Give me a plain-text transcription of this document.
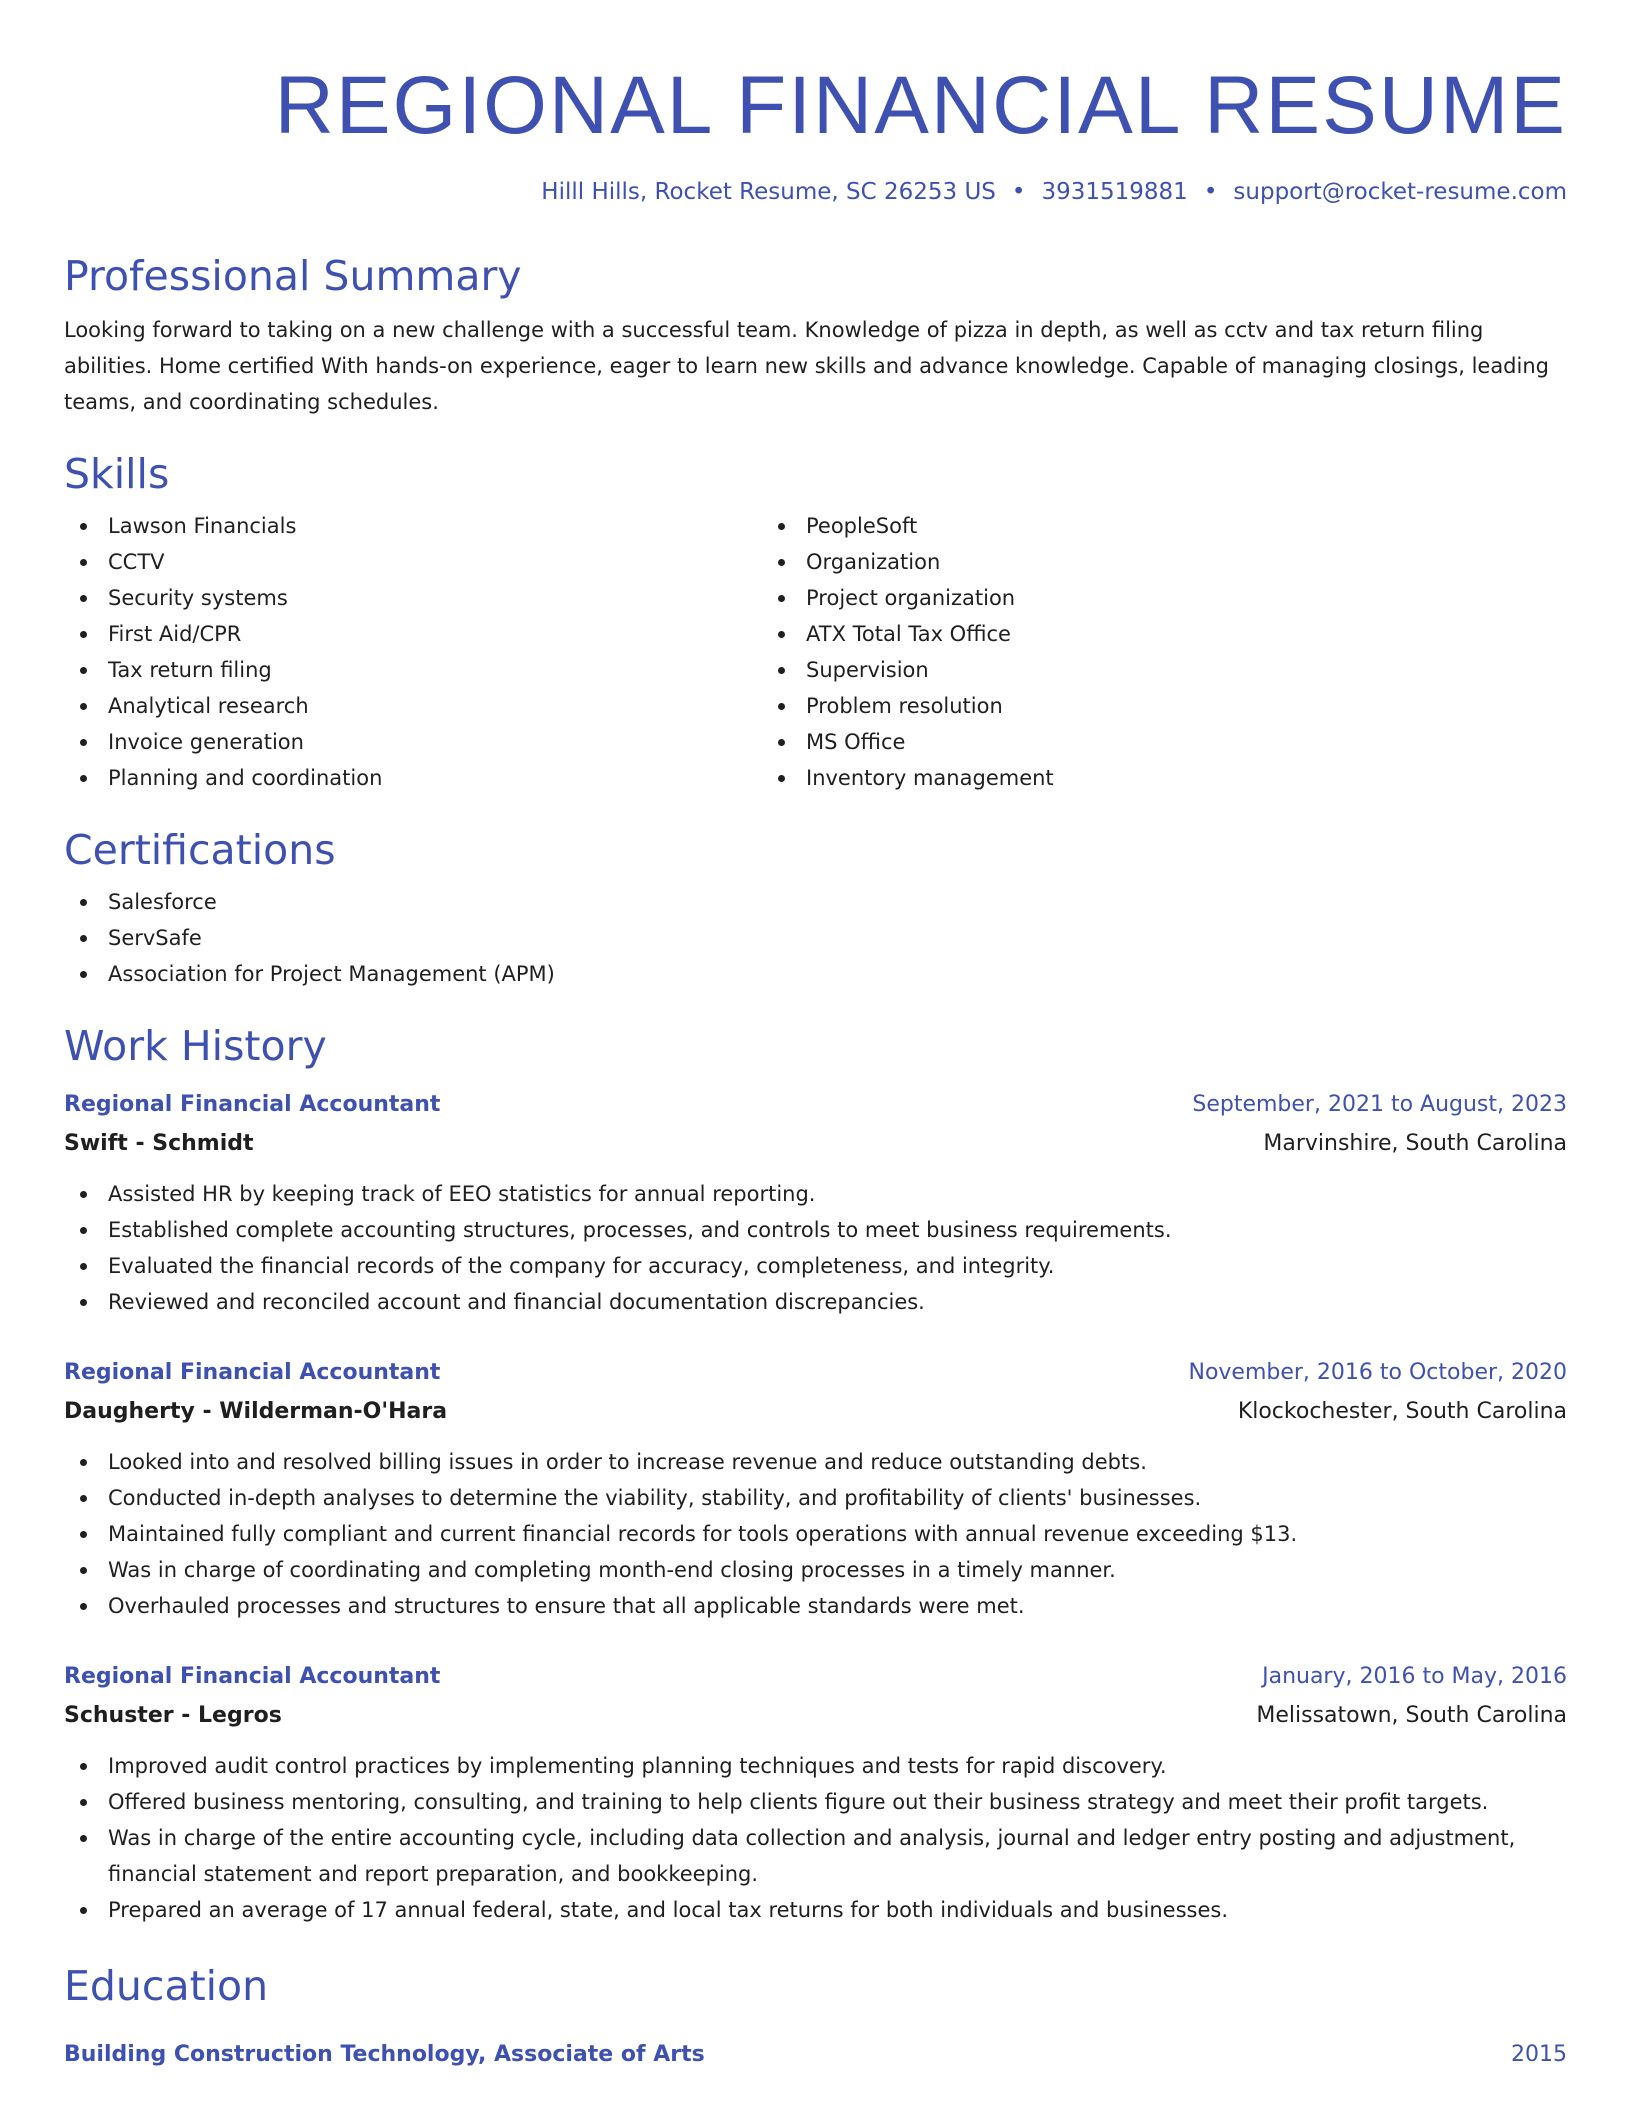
REGIONAL FINANCIAL RESUME
Hilll Hills, Rocket Resume, SC 26253 US • 3931519881 • support@rocket-resume.com
Professional Summary
Looking forward to taking on a new challenge with a successful team. Knowledge of pizza in depth, as well as cctv and tax return filing abilities. Home certified With hands-on experience, eager to learn new skills and advance knowledge. Capable of managing closings, leading teams, and coordinating schedules.
Skills
Lawson Financials
CCTV
Security systems
First Aid/CPR
Tax return filing
Analytical research
Invoice generation
Planning and coordination
PeopleSoft
Organization
Project organization
ATX Total Tax Office
Supervision
Problem resolution
MS Office
Inventory management
Certifications
Salesforce
ServSafe
Association for Project Management (APM)
Work History
Regional Financial Accountant	September, 2021 to August, 2023
Swift - Schmidt	Marvinshire, South Carolina
Assisted HR by keeping track of EEO statistics for annual reporting.
Established complete accounting structures, processes, and controls to meet business requirements.
Evaluated the financial records of the company for accuracy, completeness, and integrity.
Reviewed and reconciled account and financial documentation discrepancies.
Regional Financial Accountant	November, 2016 to October, 2020
Daugherty - Wilderman-O'Hara	Klockochester, South Carolina
Looked into and resolved billing issues in order to increase revenue and reduce outstanding debts.
Conducted in-depth analyses to determine the viability, stability, and profitability of clients' businesses.
Maintained fully compliant and current financial records for tools operations with annual revenue exceeding $13.
Was in charge of coordinating and completing month-end closing processes in a timely manner.
Overhauled processes and structures to ensure that all applicable standards were met.
Regional Financial Accountant	January, 2016 to May, 2016
Schuster - Legros	Melissatown, South Carolina
Improved audit control practices by implementing planning techniques and tests for rapid discovery.
Offered business mentoring, consulting, and training to help clients figure out their business strategy and meet their profit targets.
Was in charge of the entire accounting cycle, including data collection and analysis, journal and ledger entry posting and adjustment, financial statement and report preparation, and bookkeeping.
Prepared an average of 17 annual federal, state, and local tax returns for both individuals and businesses.
Education
Building Construction Technology, Associate of Arts	2015
